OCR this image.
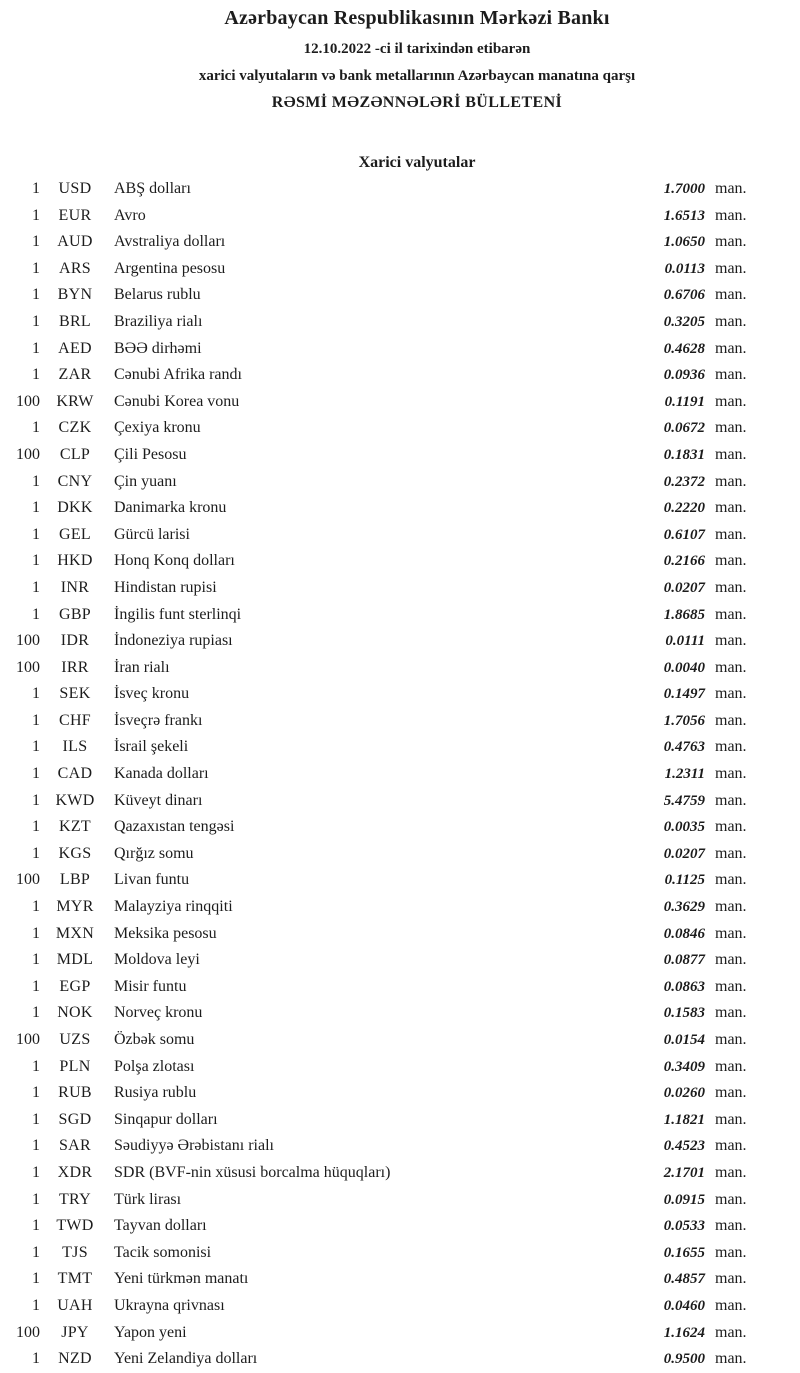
Azərbaycan Respublikasının Mərkəzi Bankı
12.10.2022 -ci il tarixindən etibarən
xarici valyutaların və bank metallarının Azərbaycan manatına qarşı
RƏSMİ MƏZƏNNƏLƏRİ BÜLLETENİ
Xarici valyutalar
1	USD	ABŞ dolları	1.7000 man.
1	EUR	Avro	1.6513 man.
1	AUD	Avstraliya dolları	1.0650 man.
1	ARS	Argentina pesosu	0.0113 man.
1	BYN	Belarus rublu	0.6706 man.
1	BRL	Braziliya rialı	0.3205 man.
1	AED	BƏƏ dirhəmi	0.4628 man.
1	ZAR	Cənubi Afrika randı	0.0936 man.
100	KRW	Cənubi Korea vonu	0.1191 man.
1	CZK	Çexiya kronu	0.0672 man.
100	CLP	Çili Pesosu	0.1831 man.
1	CNY	Çin yuanı	0.2372 man.
1	DKK	Danimarka kronu	0.2220 man.
1	GEL	Gürcü larisi	0.6107 man.
1	HKD	Honq Konq dolları	0.2166 man.
1	INR	Hindistan rupisi	0.0207 man.
1	GBP	İngilis funt sterlinqi	1.8685 man.
100	IDR	İndoneziya rupiası	0.0111 man.
100	IRR	İran rialı	0.0040 man.
1	SEK	İsveç kronu	0.1497 man.
1	CHF	İsveçrə frankı	1.7056 man.
1	ILS	İsrail şekeli	0.4763 man.
1	CAD	Kanada dolları	1.2311 man.
1 KWD	Küveyt dinarı	5.4759 man.
1	KZT	Qazaxıstan tengəsi	0.0035 man.
1	KGS	Qırğız somu	0.0207 man.
100	LBP	Livan funtu	0.1125 man.
1	MYR	Malayziya rinqqiti	0.3629 man.
1 MXN	Meksika pesosu	0.0846 man.
1	MDL	Moldova leyi	0.0877 man.
1	EGP	Misir funtu	0.0863 man.
1	NOK	Norveç kronu	0.1583 man.
100	UZS	Özbək somu	0.0154 man.
1	PLN	Polşa zlotası	0.3409 man.
1	RUB	Rusiya rublu	0.0260 man.
1	SGD	Sinqapur dolları	1.1821 man.
1	SAR	Səudiyyə Ərəbistanı rialı	0.4523 man.
1	XDR	SDR (BVF-nin xüsusi borcalma hüquqları)	2.1701 man.
1	TRY	Türk lirası	0.0915 man.
1	TWD	Tayvan dolları	0.0533 man.
1	TJS	Tacik somonisi	0.1655 man.
1	TMT	Yeni türkmən manatı	0.4857 man.
1	UAH	Ukrayna qrivnası	0.0460 man.
100	JPY	Yapon yeni	1.1624 man.
1	NZD	Yeni Zelandiya dolları	0.9500 man.
